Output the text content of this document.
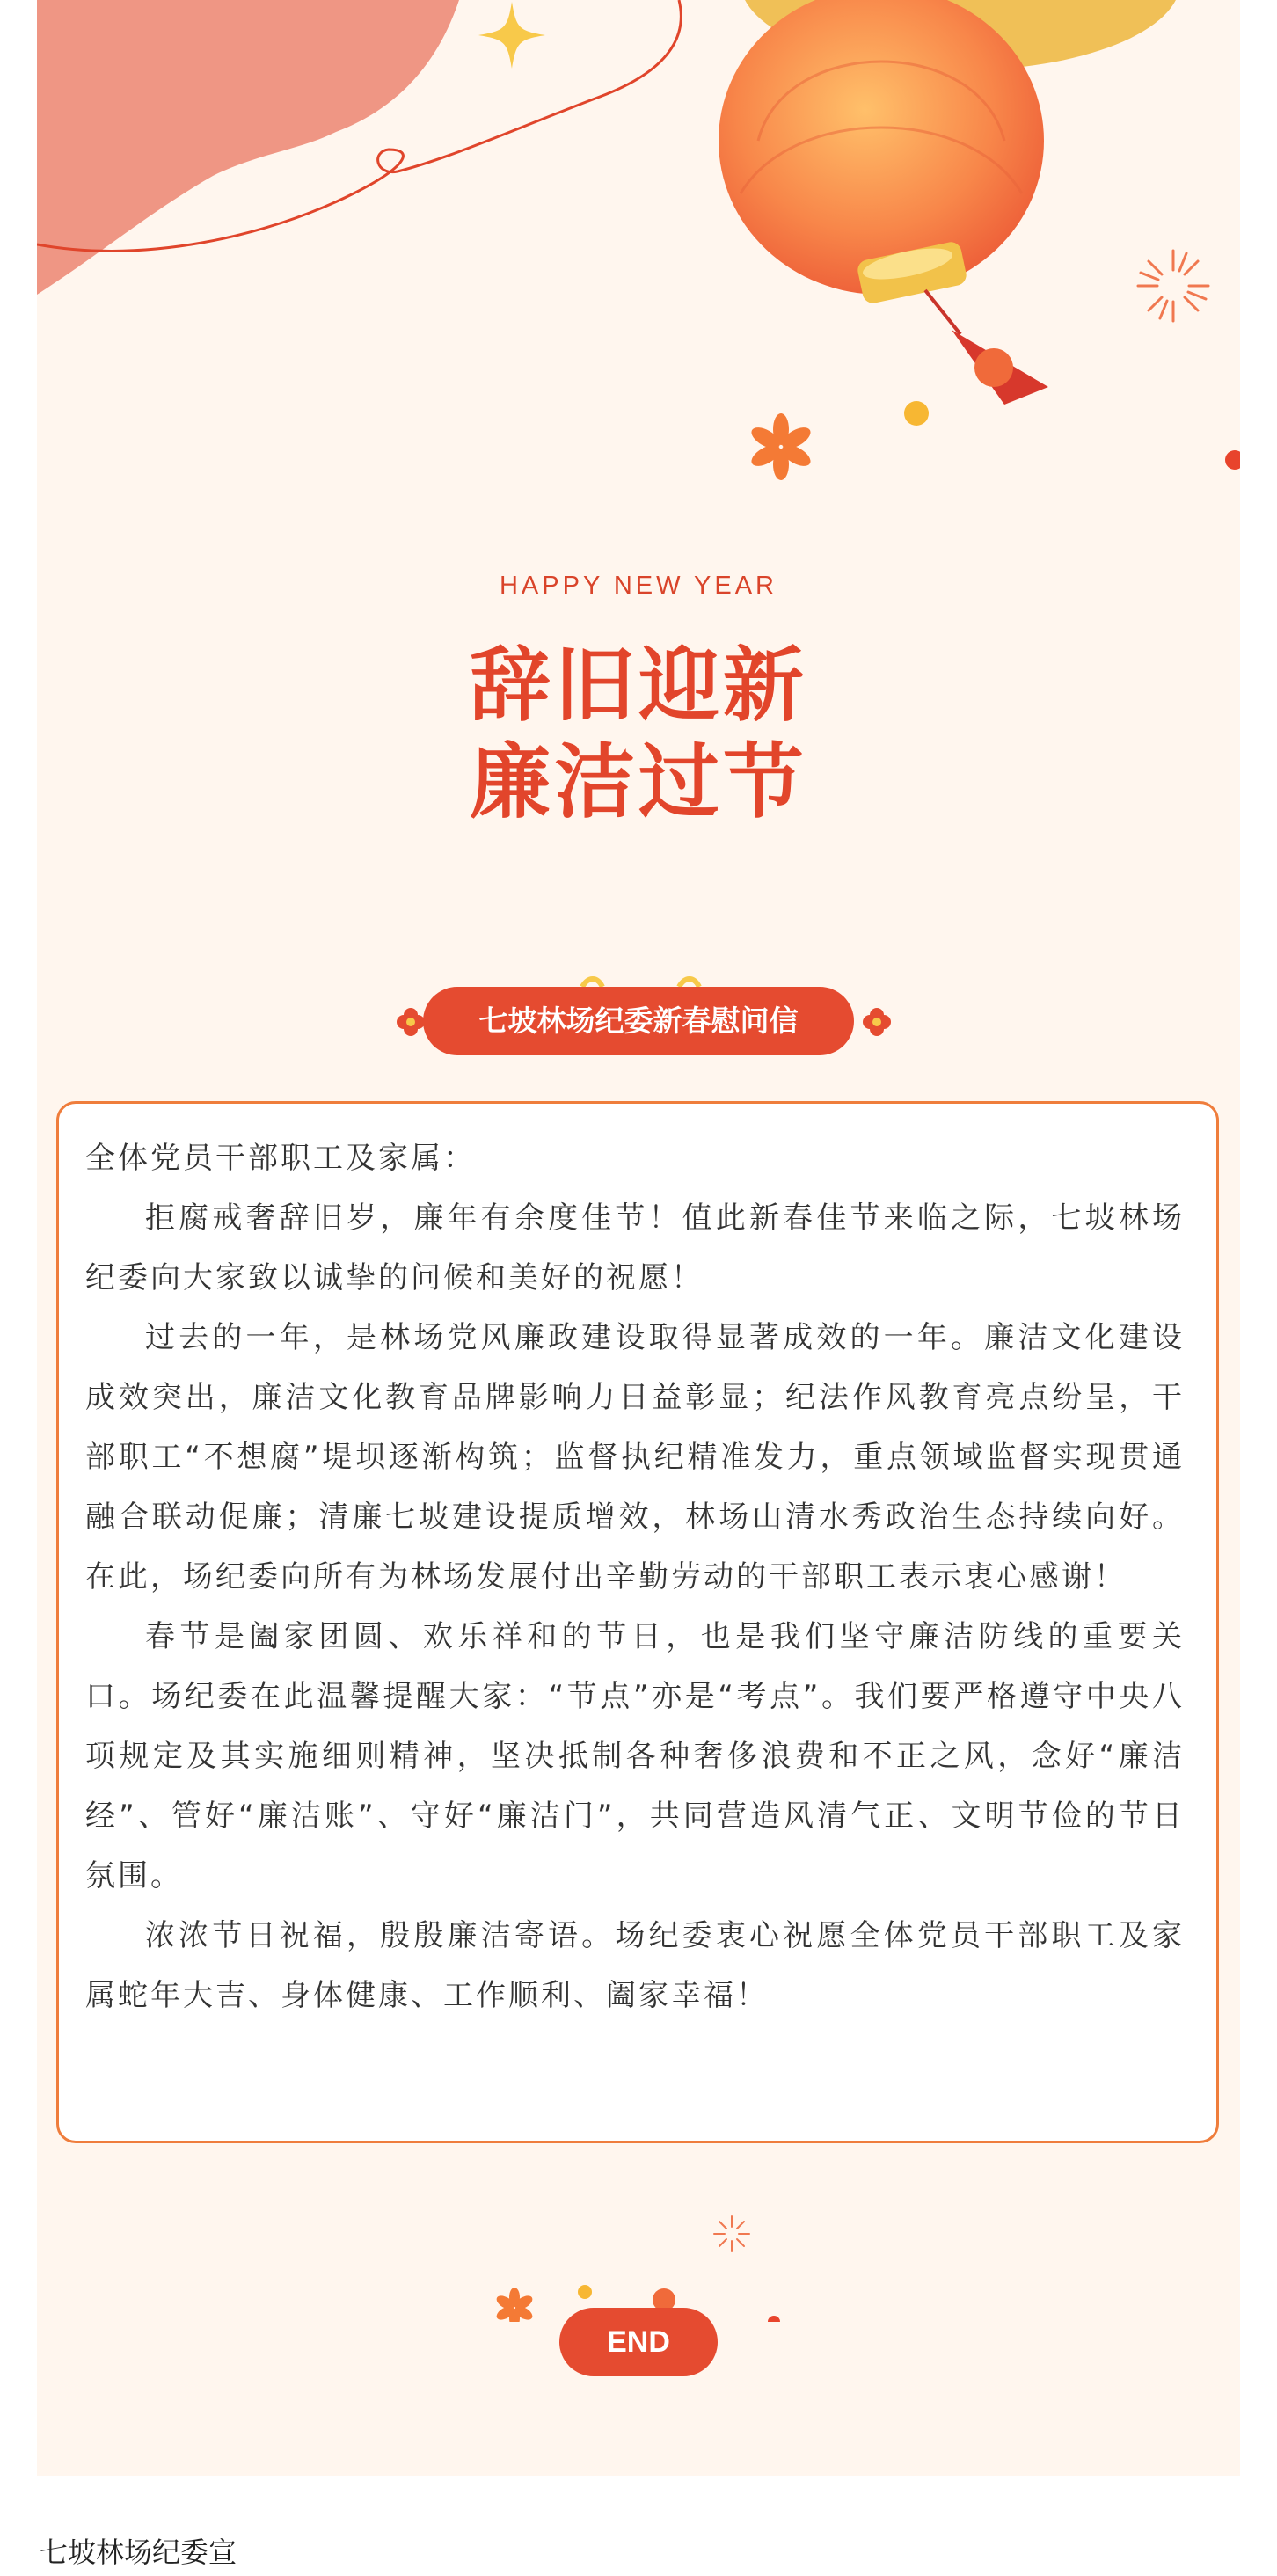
HAPPY NEW YEAR
辞旧迎新
廉洁过节
七坡林场纪委新春慰问信

全体党员干部职工及家属：

拒腐戒奢辞旧岁，廉年有余度佳节！值此新春佳节来临之际，七坡林场纪委向大家致以诚挚的问候和美好的祝愿！

过去的一年，是林场党风廉政建设取得显著成效的一年。廉洁文化建设成效突出，廉洁文化教育品牌影响力日益彰显；纪法作风教育亮点纷呈，干部职工“不想腐”堤坝逐渐构筑；监督执纪精准发力，重点领域监督实现贯通融合联动促廉；清廉七坡建设提质增效，林场山清水秀政治生态持续向好。在此，场纪委向所有为林场发展付出辛勤劳动的干部职工表示衷心感谢！

春节是阖家团圆、欢乐祥和的节日，也是我们坚守廉洁防线的重要关口。场纪委在此温馨提醒大家：“节点”亦是“考点”。我们要严格遵守中央八项规定及其实施细则精神，坚决抵制各种奢侈浪费和不正之风，念好“廉洁经”、管好“廉洁账”、守好“廉洁门”，共同营造风清气正、文明节俭的节日氛围。

浓浓节日祝福，殷殷廉洁寄语。场纪委衷心祝愿全体党员干部职工及家属蛇年大吉、身体健康、工作顺利、阖家幸福！

END
七坡林场纪委宣
